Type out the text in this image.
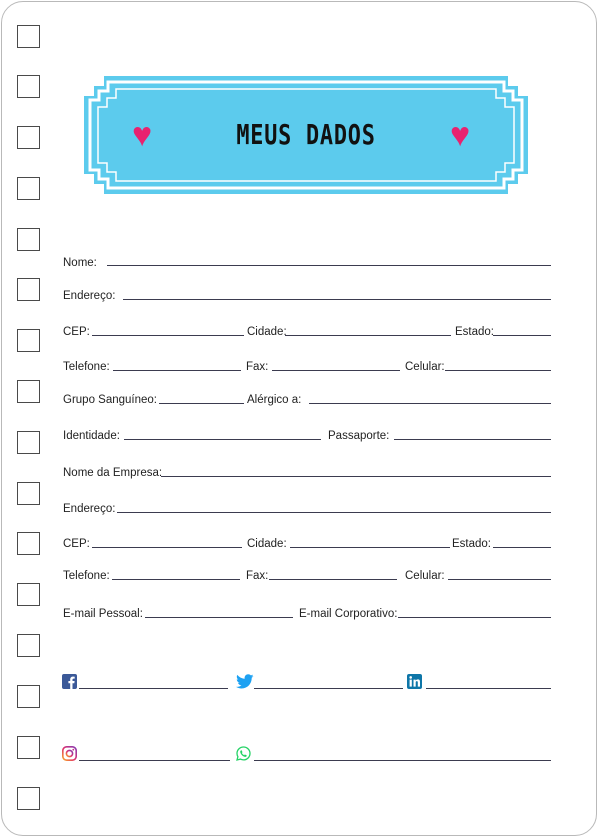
♥	♥
MEUS DADOS
Nome:
Endereço:
CEP:	Cidade:	Estado:
Telefone:	Fax:	Celular:
Grupo Sanguíneo:	Alérgico a:
Identidade:	Passaporte:
Nome da Empresa:
Endereço:
CEP:	Cidade:	Estado:
Telefone:	Fax:	Celular:
E-mail Pessoal:	E-mail Corporativo:
